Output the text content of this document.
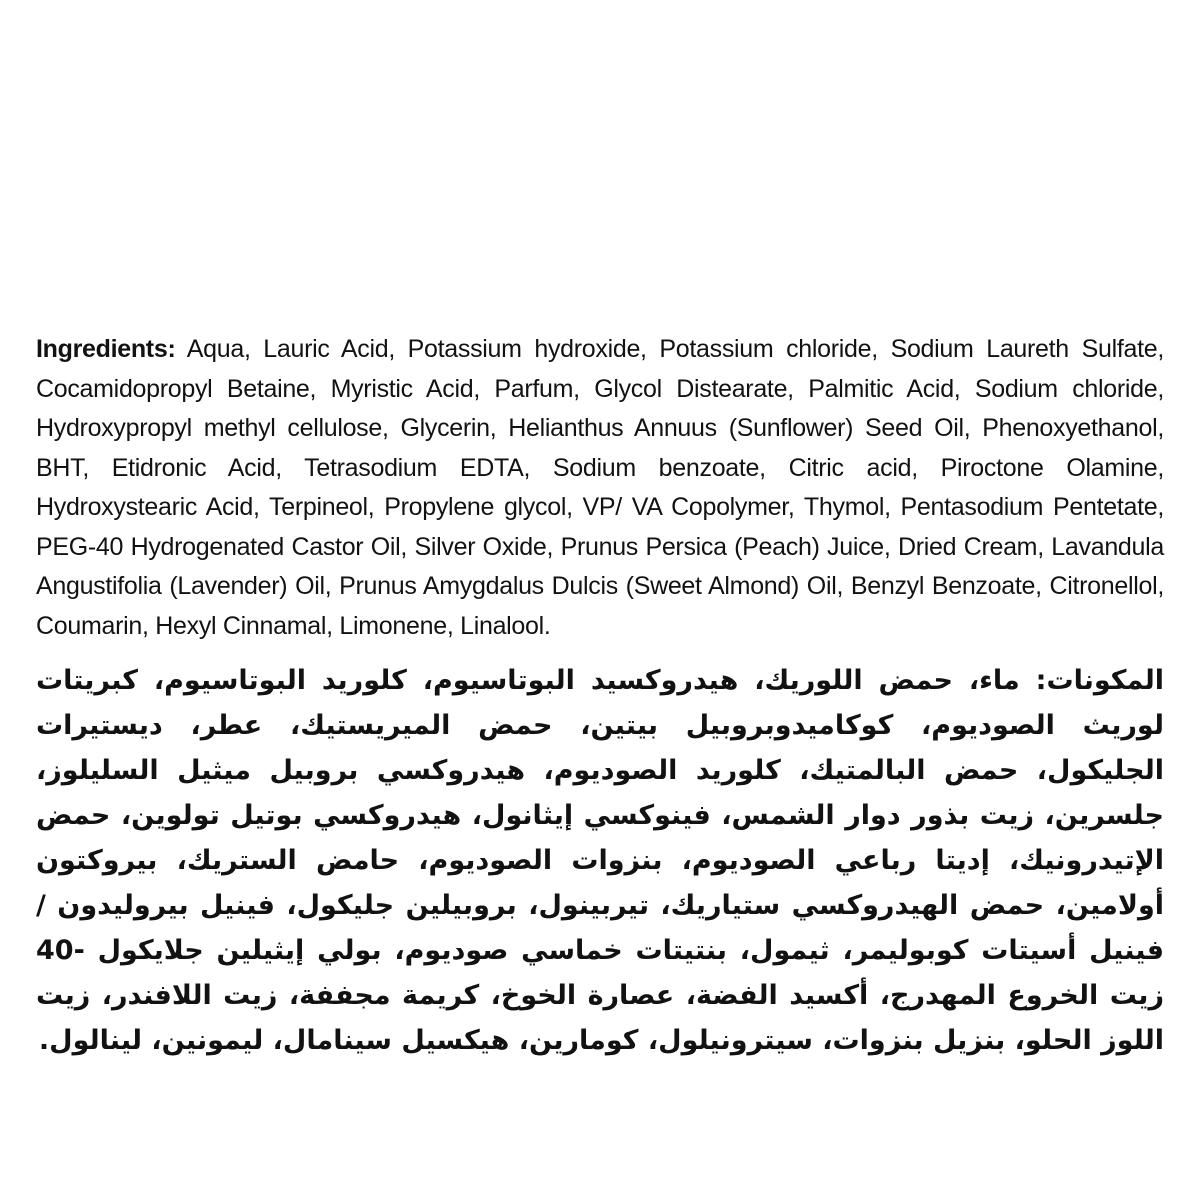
Ingredients: Aqua, Lauric Acid, Potassium hydroxide, Potassium chloride, Sodium Laureth Sulfate, Cocamidopropyl Betaine, Myristic Acid, Parfum, Glycol Distearate, Palmitic Acid, Sodium chloride, Hydroxypropyl methyl cellulose, Glycerin, Helianthus Annuus (Sunflower) Seed Oil, Phenoxyethanol, BHT, Etidronic Acid, Tetrasodium EDTA, Sodium benzoate, Citric acid, Piroctone Olamine, Hydroxystearic Acid, Terpineol, Propylene glycol, VP/ VA Copolymer, Thymol, Pentasodium Pentetate, PEG-40 Hydrogenated Castor Oil, Silver Oxide, Prunus Persica (Peach) Juice, Dried Cream, Lavandula Angustifolia (Lavender) Oil, Prunus Amygdalus Dulcis (Sweet Almond) Oil, Benzyl Benzoate, Citronellol, Coumarin, Hexyl Cinnamal, Limonene, Linalool.

المكونات: ماء، حمض اللوريك، هيدروكسيد البوتاسيوم، كلوريد البوتاسيوم، كبريتات لوريث الصوديوم، كوكاميدوبروبيل بيتين، حمض الميريستيك، عطر، ديستيرات الجليكول، حمض البالمتيك، كلوريد الصوديوم، هيدروكسي بروبيل ميثيل السليلوز، جلسرين، زيت بذور دوار الشمس، فينوكسي إيثانول، هيدروكسي بوتيل تولوين، حمض الإتيدرونيك، إديتا رباعي الصوديوم، بنزوات الصوديوم، حامض الستريك، بيروكتون أولامين، حمض الهيدروكسي ستياريك، تيربينول، بروبيلين جليكول، فينيل بيروليدون / فينيل أسيتات كوبوليمر، ثيمول، بنتيتات خماسي صوديوم، بولي إيثيلين جلايكول -40 زيت الخروع المهدرج، أكسيد الفضة، عصارة الخوخ، كريمة مجففة، زيت اللافندر، زيت اللوز الحلو، بنزيل بنزوات، سيترونيلول، كومارين، هيكسيل سينامال، ليمونين، لينالول.
